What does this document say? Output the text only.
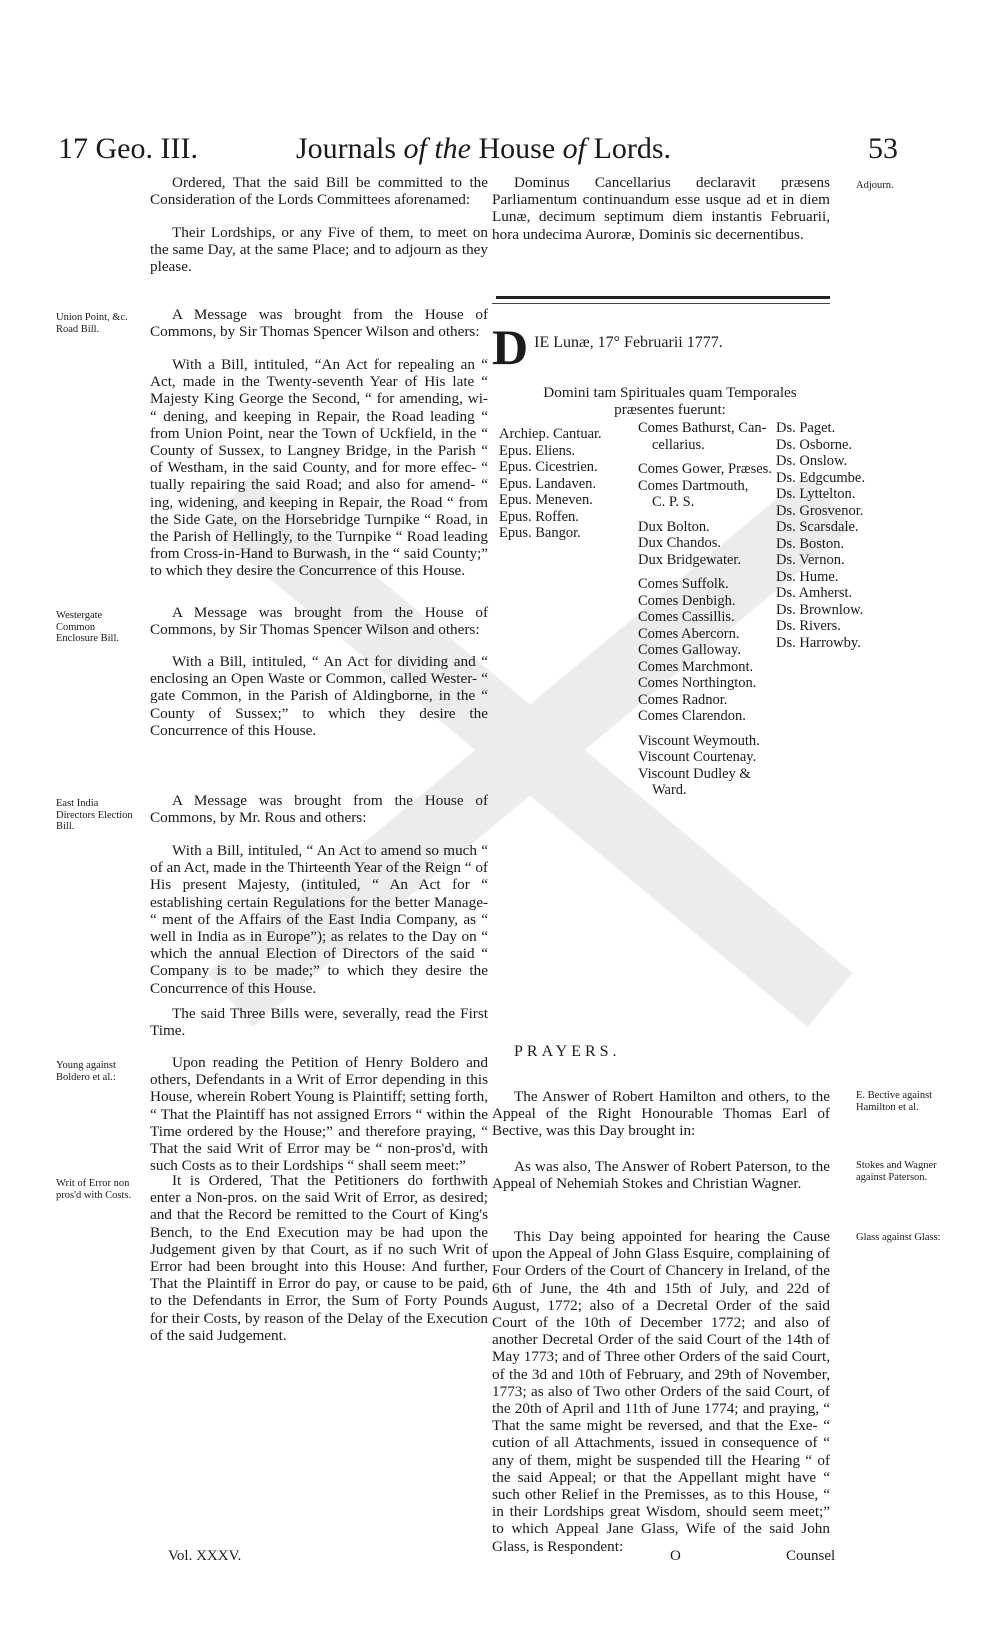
17 Geo. III.	Journals of the House of Lords.	53

Ordered, That the said Bill be committed to the Consideration of the Lords Committees aforenamed:

Their Lordships, or any Five of them, to meet on the same Day, at the same Place; and to adjourn as they please.

Union Point, &c. Road Bill.

A Message was brought from the House of Commons, by Sir Thomas Spencer Wilson and others:

With a Bill, intituled, “An Act for repealing an “ Act, made in the Twenty-seventh Year of His late “ Majesty King George the Second, “ for amending, wi- “ dening, and keeping in Repair, the Road leading “ from Union Point, near the Town of Uckfield, in the “ County of Sussex, to Langney Bridge, in the Parish “ of Westham, in the said County, and for more effec- “ tually repairing the said Road; and also for amend- “ ing, widening, and keeping in Repair, the Road “ from the Side Gate, on the Horsebridge Turnpike “ Road, in the Parish of Hellingly, to the Turnpike “ Road leading from Cross-in-Hand to Burwash, in the “ said County;” to which they desire the Concurrence of this House.

Westergate Common Enclosure Bill.

A Message was brought from the House of Commons, by Sir Thomas Spencer Wilson and others:

With a Bill, intituled, “ An Act for dividing and “ enclosing an Open Waste or Common, called Wester- “ gate Common, in the Parish of Aldingborne, in the “ County of Sussex;” to which they desire the Concurrence of this House.

East India Directors Election Bill.

A Message was brought from the House of Commons, by Mr. Rous and others:

With a Bill, intituled, “ An Act to amend so much “ of an Act, made in the Thirteenth Year of the Reign “ of His present Majesty, (intituled, “ An Act for “ establishing certain Regulations for the better Manage- “ ment of the Affairs of the East India Company, as “ well in India as in Europe”); as relates to the Day on “ which the annual Election of Directors of the said “ Company is to be made;” to which they desire the Concurrence of this House.

The said Three Bills were, severally, read the First Time.

Young against Boldero et al.:

Upon reading the Petition of Henry Boldero and others, Defendants in a Writ of Error depending in this House, wherein Robert Young is Plaintiff; setting forth, “ That the Plaintiff has not assigned Errors “ within the Time ordered by the House;” and therefore praying, “ That the said Writ of Error may be “ non-pros'd, with such Costs as to their Lordships “ shall seem meet:”

Writ of Error non pros'd with Costs.

It is Ordered, That the Petitioners do forthwith enter a Non-pros. on the said Writ of Error, as desired; and that the Record be remitted to the Court of King's Bench, to the End Execution may be had upon the Judgement given by that Court, as if no such Writ of Error had been brought into this House: And further, That the Plaintiff in Error do pay, or cause to be paid, to the Defendants in Error, the Sum of Forty Pounds for their Costs, by reason of the Delay of the Execution of the said Judgement.

Dominus Cancellarius declaravit præsens Parliamentum continuandum esse usque ad et in diem Lunæ, decimum septimum diem instantis Februarii, hora undecima Auroræ, Dominis sic decernentibus.

Adjourn.
D IE Lunæ, 17° Februarii 1777.

Domini tam Spirituales quam Temporales præsentes fuerunt:

Archiep. Cantuar.
Epus. Eliens.
Epus. Cicestrien.
Epus. Landaven.
Epus. Meneven.
Epus. Roffen.
Epus. Bangor.
Comes Bathurst, Can-
cellarius.
Comes Gower, Præses.
Comes Dartmouth,
C. P. S.
Dux Bolton.
Dux Chandos.
Dux Bridgewater.
Comes Suffolk.
Comes Denbigh.
Comes Cassillis.
Comes Abercorn.
Comes Galloway.
Comes Marchmont.
Comes Northington.
Comes Radnor.
Comes Clarendon.
Viscount Weymouth.
Viscount Courtenay.
Viscount Dudley &
Ward.
Ds. Paget.
Ds. Osborne.
Ds. Onslow.
Ds. Edgcumbe.
Ds. Lyttelton.
Ds. Grosvenor.
Ds. Scarsdale.
Ds. Boston.
Ds. Vernon.
Ds. Hume.
Ds. Amherst.
Ds. Brownlow.
Ds. Rivers.
Ds. Harrowby.
PRAYERS.

The Answer of Robert Hamilton and others, to the Appeal of the Right Honourable Thomas Earl of Bective, was this Day brought in:

E. Bective against Hamilton et al.

As was also, The Answer of Robert Paterson, to the Appeal of Nehemiah Stokes and Christian Wagner.

Stokes and Wagner against Paterson.

This Day being appointed for hearing the Cause upon the Appeal of John Glass Esquire, complaining of Four Orders of the Court of Chancery in Ireland, of the 6th of June, the 4th and 15th of July, and 22d of August, 1772; also of a Decretal Order of the said Court of the 10th of December 1772; and also of another Decretal Order of the said Court of the 14th of May 1773; and of Three other Orders of the said Court, of the 3d and 10th of February, and 29th of November, 1773; as also of Two other Orders of the said Court, of the 20th of April and 11th of June 1774; and praying, “ That the same might be reversed, and that the Exe- “ cution of all Attachments, issued in consequence of “ any of them, might be suspended till the Hearing “ of the said Appeal; or that the Appellant might have “ such other Relief in the Premisses, as to this House, “ in their Lordships great Wisdom, should seem meet;” to which Appeal Jane Glass, Wife of the said John Glass, is Respondent:

Glass against Glass:
Vol. XXXV.	O	Counsel
